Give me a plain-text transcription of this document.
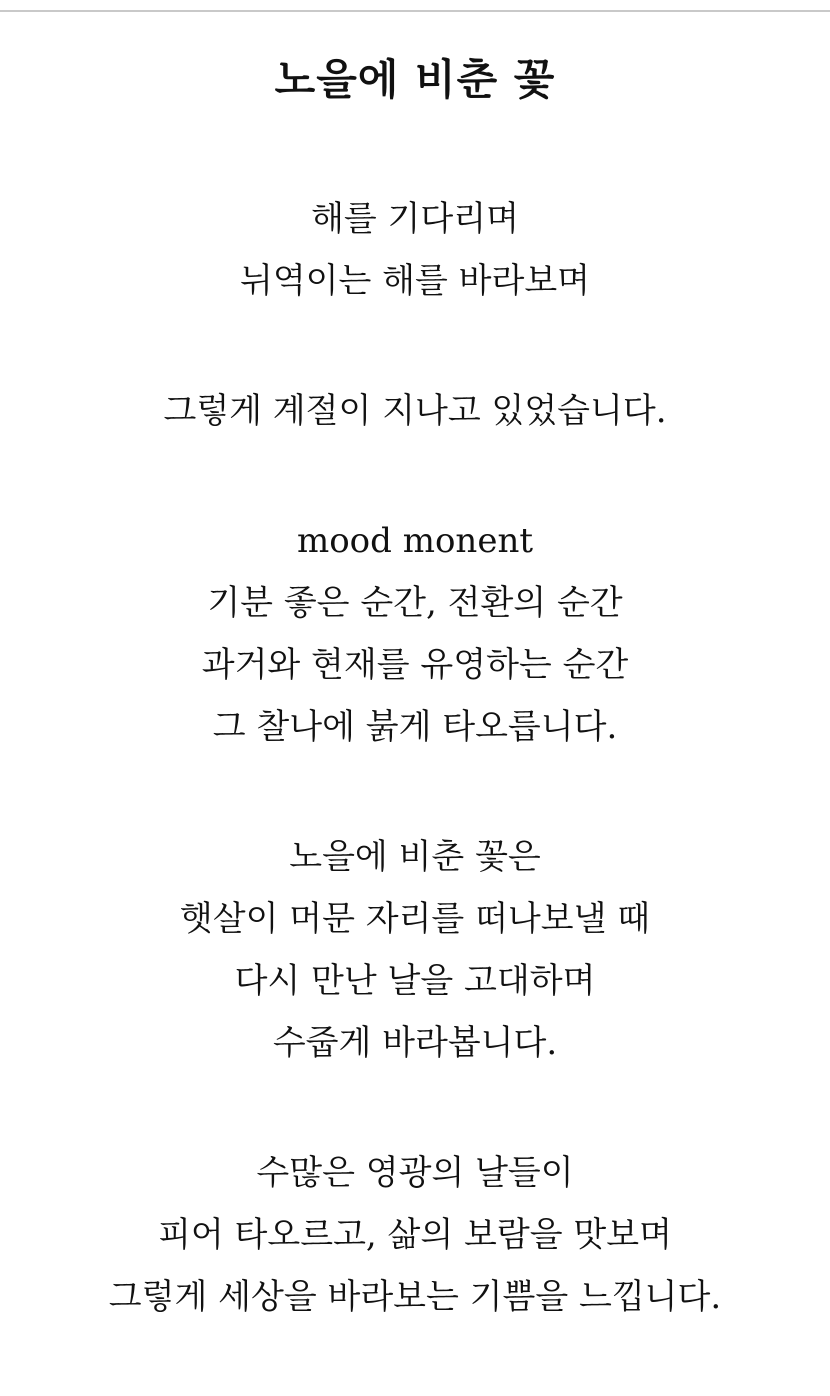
노을에 비춘 꽃
해를 기다리며
뉘역이는 해를 바라보며
그렇게 계절이 지나고 있었습니다.
mood monent
기분 좋은 순간, 전환의 순간
과거와 현재를 유영하는 순간
그 찰나에 붉게 타오릅니다.
노을에 비춘 꽃은
햇살이 머문 자리를 떠나보낼 때
다시 만난 날을 고대하며
수줍게 바라봅니다.
수많은 영광의 날들이
피어 타오르고, 삶의 보람을 맛보며
그렇게 세상을 바라보는 기쁨을 느낍니다.
